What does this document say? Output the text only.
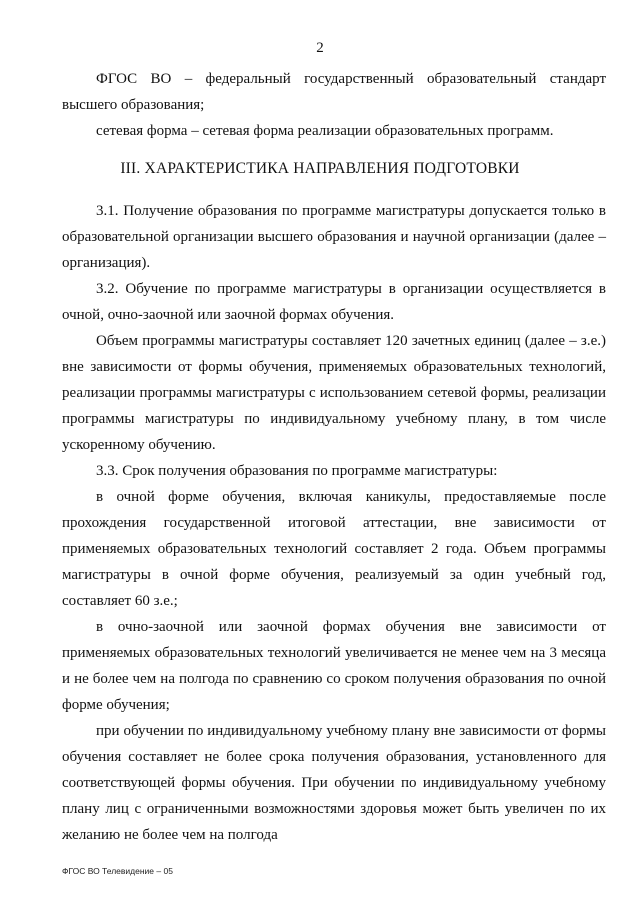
2

ФГОС ВО – федеральный государственный образовательный стандарт высшего образования;

сетевая форма – сетевая форма реализации образовательных программ.

III. ХАРАКТЕРИСТИКА НАПРАВЛЕНИЯ ПОДГОТОВКИ

3.1. Получение образования по программе магистратуры допускается только в образовательной организации высшего образования и научной организации (далее – организация).

3.2. Обучение по программе магистратуры в организации осуществляется в очной, очно-заочной или заочной формах обучения.

Объем программы магистратуры составляет 120 зачетных единиц (далее – з.е.) вне зависимости от формы обучения, применяемых образовательных технологий, реализации программы магистратуры с использованием сетевой формы, реализации программы магистратуры по индивидуальному учебному плану, в том числе ускоренному обучению.

3.3. Срок получения образования по программе магистратуры:

в очной форме обучения, включая каникулы, предоставляемые после прохождения государственной итоговой аттестации, вне зависимости от применяемых образовательных технологий составляет 2 года. Объем программы магистратуры в очной форме обучения, реализуемый за один учебный год, составляет 60 з.е.;

в очно-заочной или заочной формах обучения вне зависимости от применяемых образовательных технологий увеличивается не менее чем на 3 месяца и не более чем на полгода по сравнению со сроком получения образования по очной форме обучения;

при обучении по индивидуальному учебному плану вне зависимости от формы обучения составляет не более срока получения образования, установленного для соответствующей формы обучения. При обучении по индивидуальному учебному плану лиц с ограниченными возможностями здоровья может быть увеличен по их желанию не более чем на полгода

ФГОС ВО Телевидение – 05
